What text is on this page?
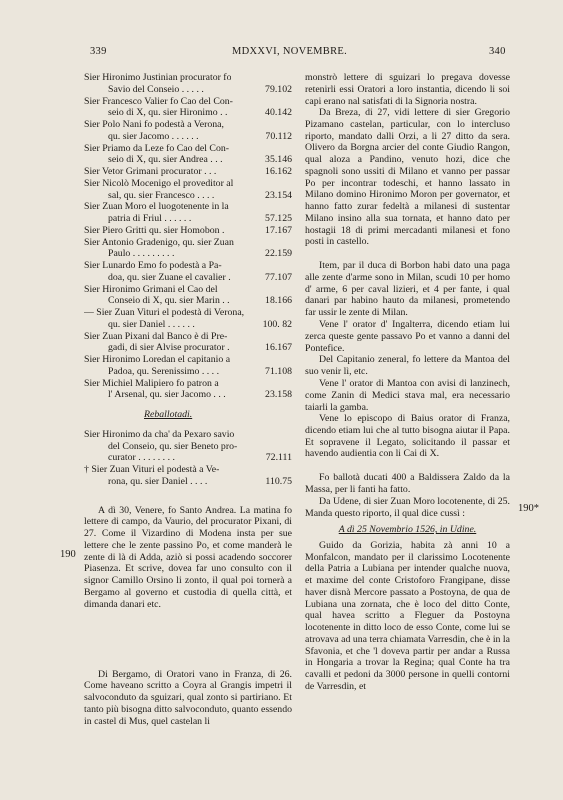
339	MDXXVI, NOVEMBRE.	340
190
190*
Sier Hironimo Justinian procurator fo
Savio del Conseio . . . . .	79.102
Sier Francesco Valier fo Cao del Con-
seio di X, qu. sier Hironimo . .	40.142
Sier Polo Nani fo podestà a Verona,
qu. sier Jacomo . . . . . .	70.112
Sier Priamo da Leze fo Cao del Con-
seio di X, qu. sier Andrea . . .	35.146
Sier Vetor Grimani procurator . . .	16.162
Sier Nicolò Mocenigo el proveditor al
sal, qu. sier Francesco . . . .	23.154
Sier Zuan Moro el luogotenente in la
patria di Friul . . . . . .	57.125
Sier Piero Gritti qu. sier Homobon .	17.167
Sier Antonio Gradenigo, qu. sier Zuan
Paulo . . . . . . . . .	22.159
Sier Lunardo Emo fo podestà a Pa-
doa, qu. sier Zuane el cavalier .	77.107
Sier Hironimo Grimani el Cao del
Conseio di X, qu. sier Marin . .	18.166
— Sier Zuan Vituri el podestà di Verona,
qu. sier Daniel . . . . . .	100. 82
Sier Zuan Pixani dal Banco è di Pre-
gadi, di sier Alvise procurator .	16.167
Sier Hironimo Loredan el capitanio a
Padoa, qu. Serenissimo . . . .	71.108
Sier Michiel Malipiero fo patron a
l' Arsenal, qu. sier Jacomo . . .	23.158
Reballotadi.
Sier Hironimo da cha' da Pexaro savio
del Conseio, qu. sier Beneto pro-
curator . . . . . . . .	72.111
† Sier Zuan Vituri el podestà a Ve-
rona, qu. sier Daniel . . . .	110.75
A dì 30, Venere, fo Santo Andrea. La matina fo lettere di campo, da Vaurio, del procurator Pixani, di 27. Come il Vizardino di Modena insta per sue lettere che le zente passino Po, et come manderà le zente di là di Adda, aziò si possi acadendo soccorer Piasenza. Et scrive, dovea far uno consulto con il signor Camillo Orsino li zonto, il qual poi tornerà a Bergamo al governo et custodia di quella città, et dimanda danari etc.
Di Bergamo, di Oratori vano in Franza, di 26. Come haveano scritto a Coyra al Grangis impetri il salvoconduto da sguizari, qual zonto si partiriano. Et tanto più bisogna ditto salvoconduto, quanto essendo in castel di Mus, quel castelan li
monstrò lettere di sguizari lo pregava dovesse retenirli essi Oratori a loro instantia, dicendo li soi capi erano nal satisfati di la Signoria nostra.
Da Breza, di 27, vidi lettere di sier Gregorio Pizamano castelan, particular, con lo intercluso riporto, mandato dalli Orzi, a li 27 ditto da sera. Olivero da Borgna arcier del conte Giudio Rangon, qual aloza a Pandino, venuto hozi, dice che spagnoli sono ussiti di Milano et vanno per passar Po per incontrar todeschi, et hanno lassato in Milano domino Hironimo Moron per governator, et hanno fatto zurar fedeltà a milanesi di sustentar Milano insino alla sua tornata, et hanno dato per hostagii 18 di primi mercadanti milanesi et fono posti in castello.
Item, par il duca di Borbon habi dato una paga alle zente d'arme sono in Milan, scudi 10 per homo d' arme, 6 per caval lizieri, et 4 per fante, i qual danari par habino hauto da milanesi, prometendo far ussir le zente di Milan.
Vene l' orator d' Ingalterra, dicendo etiam lui zerca queste gente passavo Po et vanno a danni del Pontefice.
Del Capitanio zeneral, fo lettere da Mantoa del suo venir lì, etc.
Vene l' orator di Mantoa con avisi di lanzinech, come Zanin di Medici stava mal, era necessario taiarli la gamba.
Vene lo episcopo di Baius orator di Franza, dicendo etiam lui che al tutto bisogna aiutar il Papa. Et sopravene il Legato, solicitando il passar et havendo audientia con li Cai di X.
Fo ballotà ducati 400 a Baldissera Zaldo da la Massa, per li fanti ha fatto.
Da Udene, di sier Zuan Moro locotenente, di 25. Manda questo riporto, il qual dice cussì :
A dì 25 Novembrio 1526, in Udine.
Guido da Gorizia, habita zà anni 10 a Monfalcon, mandato per il clarissimo Locotenente della Patria a Lubiana per intender qualche nuova, et maxime del conte Cristoforo Frangipane, disse haver disnà Mercore passato a Postoyna, de qua de Lubiana una zornata, che è loco del ditto Conte, qual havea scritto a Fleguer da Postoyna locotenente in ditto loco de esso Conte, come lui se atrovava ad una terra chiamata Varresdin, che è in la Sfavonia, et che 'l doveva partir per andar a Russa in Hongaria a trovar la Regina; qual Conte ha tra cavalli et pedoni da 3000 persone in quelli contorni de Varresdin, et
